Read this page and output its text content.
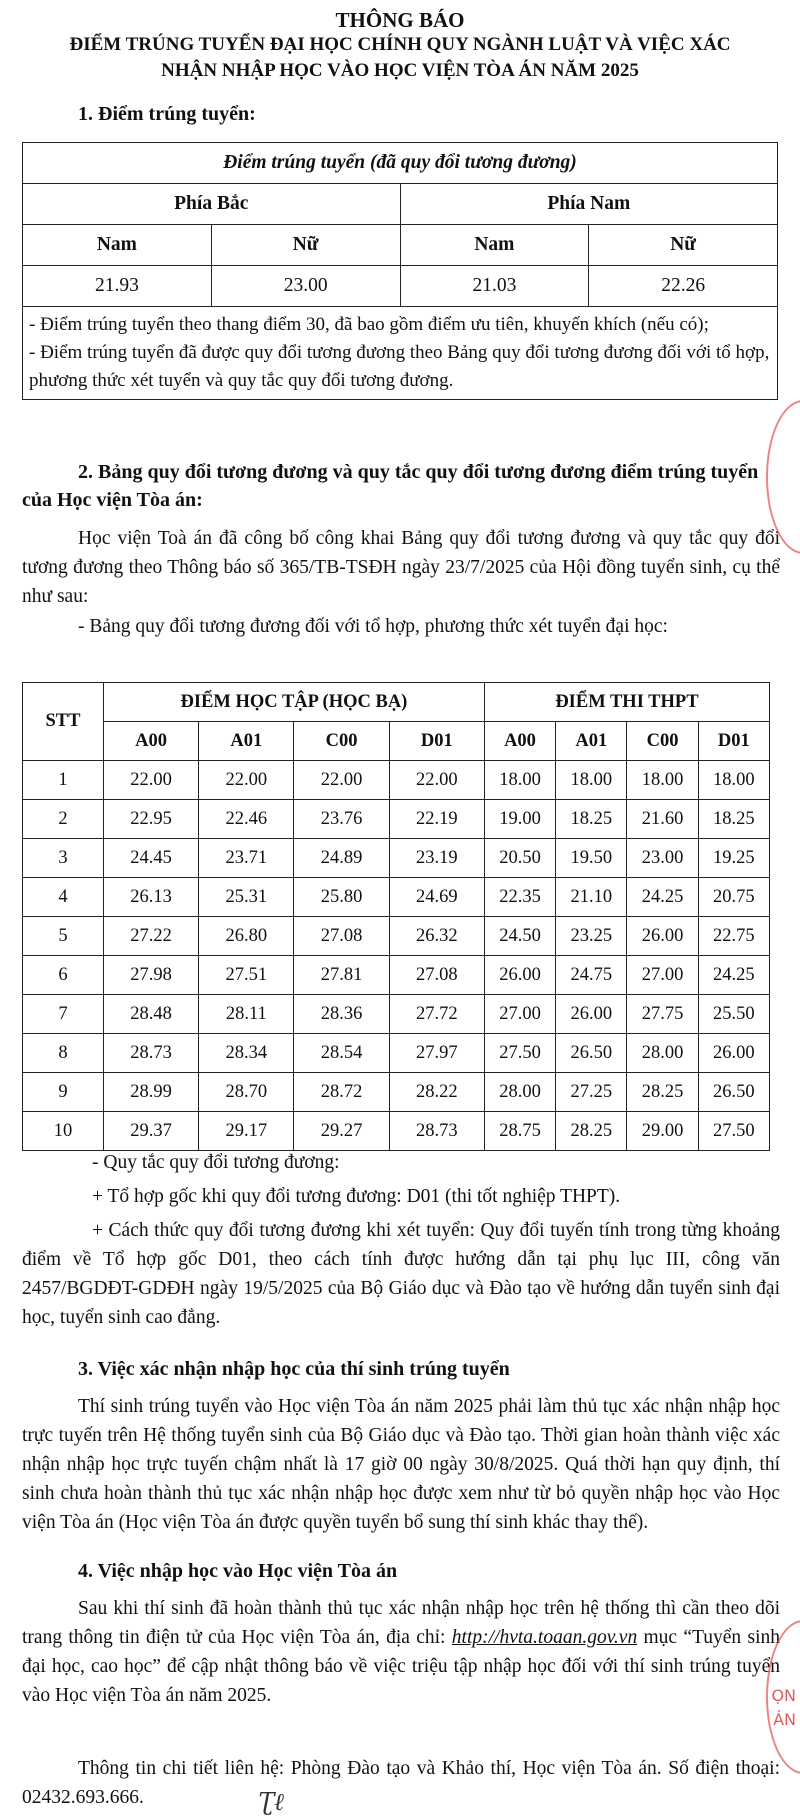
THÔNG BÁO
ĐIỂM TRÚNG TUYỂN ĐẠI HỌC CHÍNH QUY NGÀNH LUẬT VÀ VIỆC XÁC
NHẬN NHẬP HỌC VÀO HỌC VIỆN TÒA ÁN NĂM 2025
1. Điểm trúng tuyển:
Điểm trúng tuyển (đã quy đổi tương đương)			
Phía Bắc		Phía Nam	
Nam	Nữ	Nam	Nữ
21.93	23.00	21.03	22.26

- Điểm trúng tuyển theo thang điểm 30, đã bao gồm điểm ưu tiên, khuyến khích (nếu có);
- Điểm trúng tuyển đã được quy đổi tương đương theo Bảng quy đổi tương đương đối với tổ hợp, phương thức xét tuyển và quy tắc quy đổi tương đương.			
2. Bảng quy đổi tương đương và quy tắc quy đổi tương đương điểm trúng tuyển của Học viện Tòa án:
Học viện Toà án đã công bố công khai Bảng quy đổi tương đương và quy tắc quy đổi tương đương theo Thông báo số 365/TB-TSĐH ngày 23/7/2025 của Hội đồng tuyển sinh, cụ thể như sau:
- Bảng quy đổi tương đương đối với tổ hợp, phương thức xét tuyển đại học:
STT	ĐIỂM HỌC TẬP (HỌC BẠ)				ĐIỂM THI THPT			
	A00	A01	C00	D01	A00	A01	C00	D01
1	22.00	22.00	22.00	22.00	18.00	18.00	18.00	18.00
2	22.95	22.46	23.76	22.19	19.00	18.25	21.60	18.25
3	24.45	23.71	24.89	23.19	20.50	19.50	23.00	19.25
4	26.13	25.31	25.80	24.69	22.35	21.10	24.25	20.75
5	27.22	26.80	27.08	26.32	24.50	23.25	26.00	22.75
6	27.98	27.51	27.81	27.08	26.00	24.75	27.00	24.25
7	28.48	28.11	28.36	27.72	27.00	26.00	27.75	25.50
8	28.73	28.34	28.54	27.97	27.50	26.50	28.00	26.00
9	28.99	28.70	28.72	28.22	28.00	27.25	28.25	26.50
10	29.37	29.17	29.27	28.73	28.75	28.25	29.00	27.50
- Quy tắc quy đổi tương đương:
+ Tổ hợp gốc khi quy đổi tương đương: D01 (thi tốt nghiệp THPT).
+ Cách thức quy đổi tương đương khi xét tuyển: Quy đổi tuyến tính trong từng khoảng điểm về Tổ hợp gốc D01, theo cách tính được hướng dẫn tại phụ lục III, công văn 2457/BGDĐT-GDĐH ngày 19/5/2025 của Bộ Giáo dục và Đào tạo về hướng dẫn tuyển sinh đại học, tuyển sinh cao đẳng.
3. Việc xác nhận nhập học của thí sinh trúng tuyển
Thí sinh trúng tuyển vào Học viện Tòa án năm 2025 phải làm thủ tục xác nhận nhập học trực tuyến trên Hệ thống tuyển sinh của Bộ Giáo dục và Đào tạo. Thời gian hoàn thành việc xác nhận nhập học trực tuyến chậm nhất là 17 giờ 00 ngày 30/8/2025. Quá thời hạn quy định, thí sinh chưa hoàn thành thủ tục xác nhận nhập học được xem như từ bỏ quyền nhập học vào Học viện Tòa án (Học viện Tòa án được quyền tuyển bổ sung thí sinh khác thay thế).
4. Việc nhập học vào Học viện Tòa án
Sau khi thí sinh đã hoàn thành thủ tục xác nhận nhập học trên hệ thống thì cần theo dõi trang thông tin điện tử của Học viện Tòa án, địa chỉ: http://hvta.toaan.gov.vn mục “Tuyển sinh đại học, cao học” để cập nhật thông báo về việc triệu tập nhập học đối với thí sinh trúng tuyển vào Học viện Tòa án năm 2025.
Thông tin chi tiết liên hệ: Phòng Đào tạo và Khảo thí, Học viện Tòa án. Số điện thoại: 02432.693.666.	Ʈ͏ℓ
ỌN
ÁN
